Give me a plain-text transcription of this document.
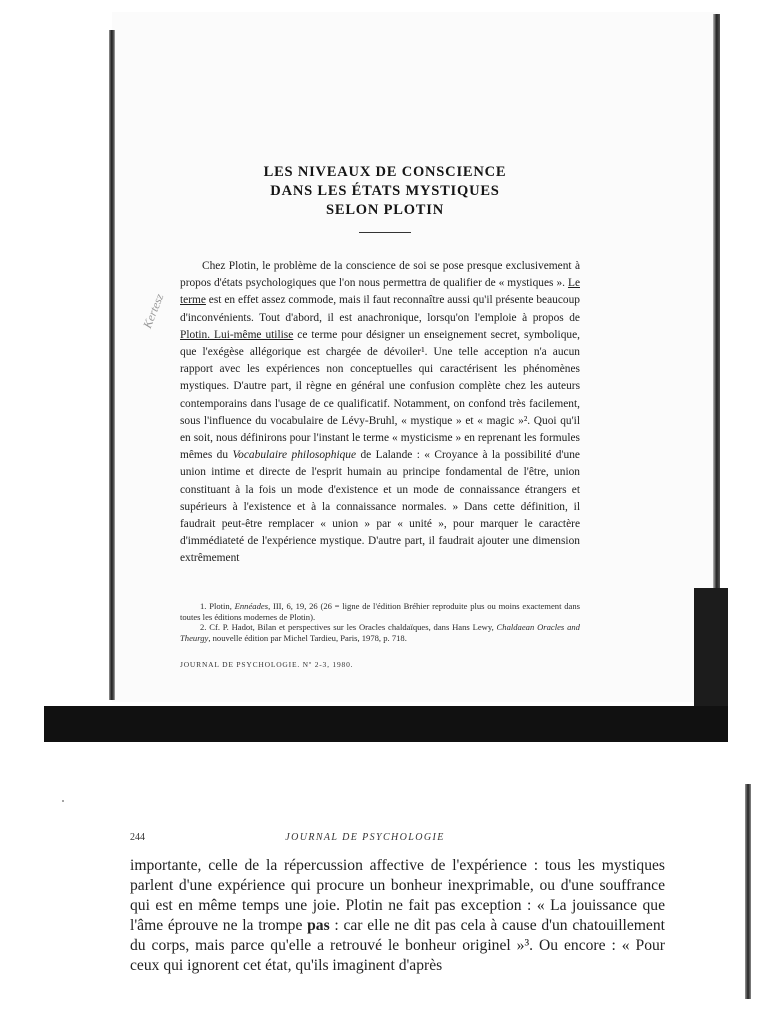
Kertesz
LES NIVEAUX DE CONSCIENCE
DANS LES ÉTATS MYSTIQUES
SELON PLOTIN

Chez Plotin, le problème de la conscience de soi se pose presque exclusivement à propos d'états psychologiques que l'on nous permettra de qualifier de « mystiques ». Le terme est en effet assez commode, mais il faut reconnaître aussi qu'il présente beaucoup d'inconvénients. Tout d'abord, il est anachronique, lorsqu'on l'emploie à propos de Plotin. Lui-même utilise ce terme pour désigner un enseignement secret, symbolique, que l'exégèse allégorique est chargée de dévoiler¹. Une telle acception n'a aucun rapport avec les expériences non conceptuelles qui caractérisent les phénomènes mystiques. D'autre part, il règne en général une confusion complète chez les auteurs contemporains dans l'usage de ce qualificatif. Notamment, on confond très facilement, sous l'influence du vocabulaire de Lévy-Bruhl, « mystique » et « magic »². Quoi qu'il en soit, nous définirons pour l'instant le terme « mysticisme » en reprenant les formules mêmes du Vocabulaire philosophique de Lalande : « Croyance à la possibilité d'une union intime et directe de l'esprit humain au principe fondamental de l'être, union constituant à la fois un mode d'existence et un mode de connaissance étrangers et supérieurs à l'existence et à la connaissance normales. » Dans cette définition, il faudrait peut-être remplacer « union » par « unité », pour marquer le caractère d'immédiateté de l'expérience mystique. D'autre part, il faudrait ajouter une dimension extrêmement

1. Plotin, Ennéades, III, 6, 19, 26 (26 = ligne de l'édition Bréhier reproduite plus ou moins exactement dans toutes les éditions modernes de Plotin).

2. Cf. P. Hadot, Bilan et perspectives sur les Oracles chaldaïques, dans Hans Lewy, Chaldaean Oracles and Theurgy, nouvelle édition par Michel Tardieu, Paris, 1978, p. 718.

JOURNAL DE PSYCHOLOGIE. Nº 2-3, 1980.
244	JOURNAL DE PSYCHOLOGIE

importante, celle de la répercussion affective de l'expérience : tous les mystiques parlent d'une expérience qui procure un bonheur inexprimable, ou d'une souffrance qui est en même temps une joie. Plotin ne fait pas exception : « La jouissance que l'âme éprouve ne la trompe pas : car elle ne dit pas cela à cause d'un chatouillement du corps, mais parce qu'elle a retrouvé le bonheur originel »³. Ou encore : « Pour ceux qui ignorent cet état, qu'ils imaginent d'après
